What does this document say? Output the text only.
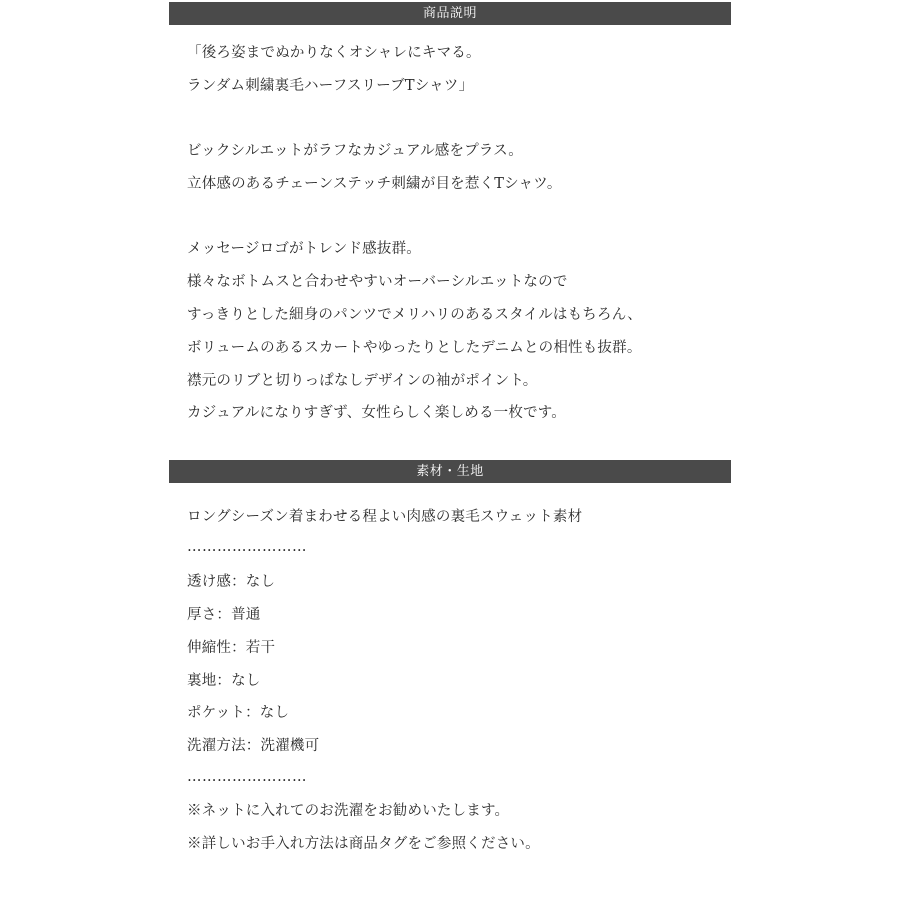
商品説明
「後ろ姿までぬかりなくオシャレにキマる。
ランダム刺繍裏毛ハーフスリーブTシャツ」
ビックシルエットがラフなカジュアル感をプラス。
立体感のあるチェーンステッチ刺繍が目を惹くTシャツ。
メッセージロゴがトレンド感抜群。
様々なボトムスと合わせやすいオーバーシルエットなので
すっきりとした細身のパンツでメリハリのあるスタイルはもちろん、
ボリュームのあるスカートやゆったりとしたデニムとの相性も抜群。
襟元のリブと切りっぱなしデザインの袖がポイント。
カジュアルになりすぎず、女性らしく楽しめる一枚です。
素材・生地
ロングシーズン着まわせる程よい肉感の裏毛スウェット素材
……………………
透け感：なし
厚さ：普通
伸縮性：若干
裏地：なし
ポケット：なし
洗濯方法：洗濯機可
……………………
※ネットに入れてのお洗濯をお勧めいたします。
※詳しいお手入れ方法は商品タグをご参照ください。
